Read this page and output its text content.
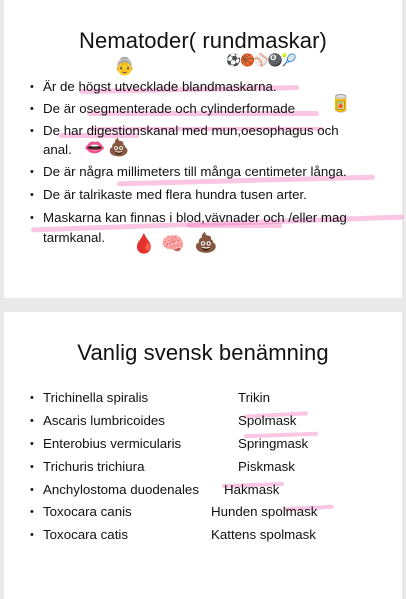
Nematoder( rundmaskar)
👵	⚽🏀⚾🎱🎾
• Är de högst utvecklade blandmaskarna.
• De är osegmenterade och cylinderformade 🥫
• De har digestionskanal med mun,oesophagus och
anal. 👄 💩
• De är några millimeters till många centimeter långa.
• De är talrikaste med flera hundra tusen arter.
• Maskarna kan finnas i blod,vävnader och /eller mag
tarmkanal. 🩸 🧠 💩
Vanlig svensk benämning
• Trichinella spiralis	Trikin
• Ascaris lumbricoides	Spolmask
• Enterobius vermicularis	Springmask
• Trichuris trichiura	Piskmask
• Anchylostoma duodenales Hakmask
• Toxocara canis	Hunden spolmask
• Toxocara catis	Kattens spolmask
